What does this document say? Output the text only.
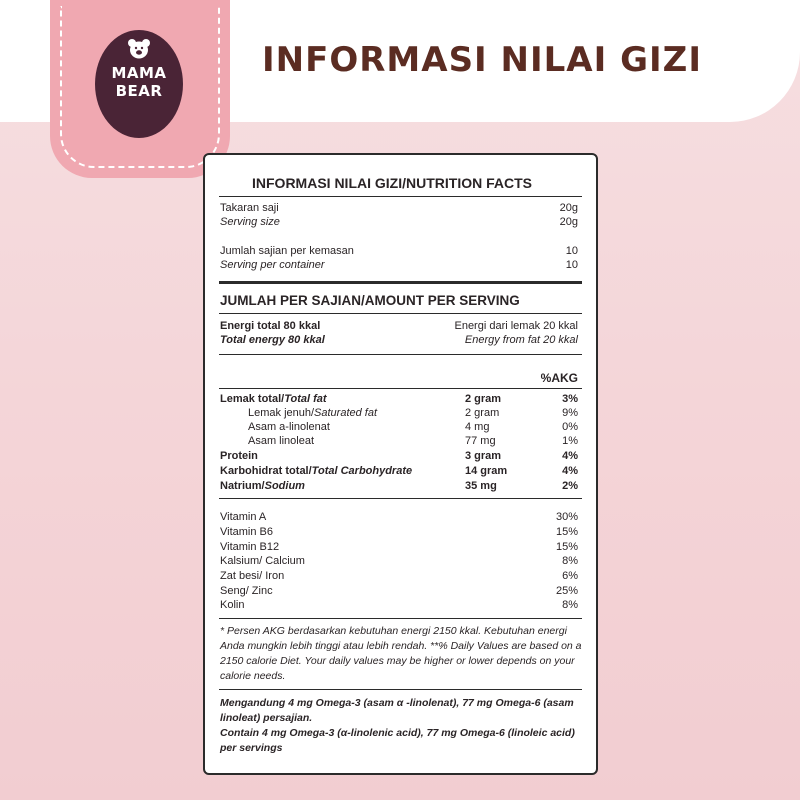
MAMA
BEAR
INFORMASI NILAI GIZI
INFORMASI NILAI GIZI/NUTRITION FACTS
Takaran saji	20g
Serving size	20g
Jumlah sajian per kemasan	10
Serving per container	10
JUMLAH PER SAJIAN/AMOUNT PER SERVING
Energi total 80 kkal	Energi dari lemak 20 kkal
Total energy 80 kkal	Energy from fat 20 kkal
%AKG
Lemak total/Total fat	2 gram	3%
Lemak jenuh/Saturated fat	2 gram	9%
Asam a-linolenat	4 mg	0%
Asam linoleat	77 mg	1%
Protein	3 gram	4%
Karbohidrat total/Total Carbohydrate	14 gram	4%
Natrium/Sodium	35 mg	2%
Vitamin A	30%
Vitamin B6	15%
Vitamin B12	15%
Kalsium/ Calcium	8%
Zat besi/ Iron	6%
Seng/ Zinc	25%
Kolin	8%
* Persen AKG berdasarkan kebutuhan energi 2150 kkal. Kebutuhan energi Anda mungkin lebih tinggi atau lebih rendah. **% Daily Values are based on a 2150 calorie Diet. Your daily values may be higher or lower depends on your calorie needs.
Mengandung 4 mg Omega-3 (asam α -linolenat), 77 mg Omega-6 (asam linoleat) persajian.
Contain 4 mg Omega-3 (α-linolenic acid), 77 mg Omega-6 (linoleic acid) per servings
